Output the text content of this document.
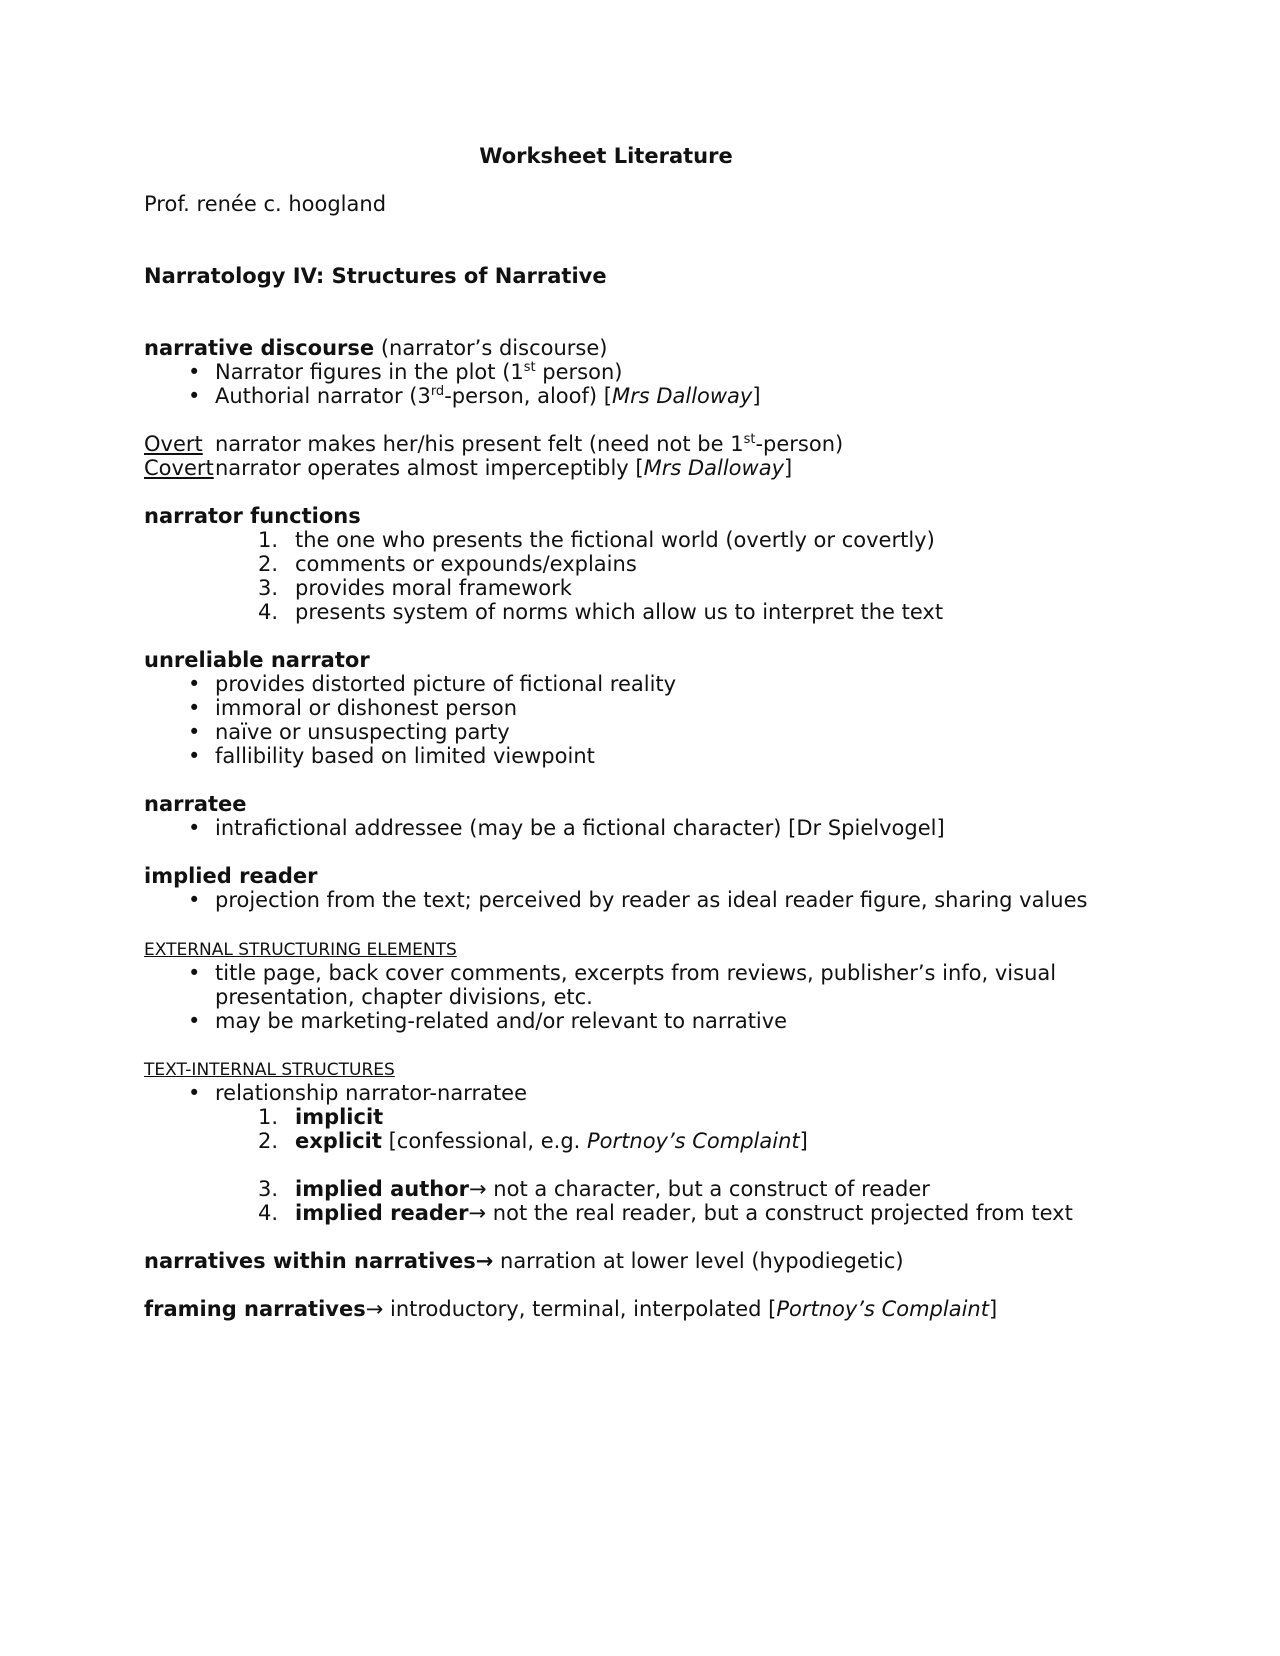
Worksheet Literature
Prof. renée c. hoogland
Narratology IV: Structures of Narrative
narrative discourse (narrator’s discourse)
• Narrator figures in the plot (1st person)
• Authorial narrator (3rd-person, aloof) [Mrs Dalloway]
Overt narrator makes her/his present felt (need not be 1st-person)
Covert narrator operates almost imperceptibly [Mrs Dalloway]
narrator functions
1. the one who presents the fictional world (overtly or covertly)
2. comments or expounds/explains
3. provides moral framework
4. presents system of norms which allow us to interpret the text
unreliable narrator
• provides distorted picture of fictional reality
• immoral or dishonest person
• naïve or unsuspecting party
• fallibility based on limited viewpoint
narratee
• intrafictional addressee (may be a fictional character) [Dr Spielvogel]
implied reader
• projection from the text; perceived by reader as ideal reader figure, sharing values
EXTERNAL STRUCTURING ELEMENTS
• title page, back cover comments, excerpts from reviews, publisher’s info, visual
presentation, chapter divisions, etc.
• may be marketing-related and/or relevant to narrative
TEXT-INTERNAL STRUCTURES
• relationship narrator-narratee
1. implicit
2. explicit [confessional, e.g. Portnoy’s Complaint]
3. implied author→ not a character, but a construct of reader
4. implied reader→ not the real reader, but a construct projected from text
narratives within narratives→ narration at lower level (hypodiegetic)
framing narratives→ introductory, terminal, interpolated [Portnoy’s Complaint]
